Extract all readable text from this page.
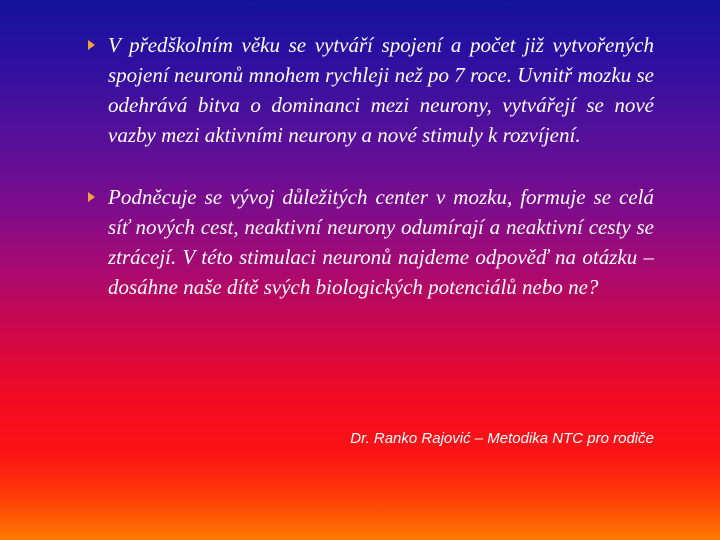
V předškolním věku se vytváří spojení a počet již vytvořených spojení neuronů mnohem rychleji než po 7 roce. Uvnitř mozku se odehrává bitva o dominanci mezi neurony, vytvářejí se nové vazby mezi aktivními neurony a nové stimuly k rozvíjení.
Podněcuje se vývoj důležitých center v mozku, formuje se celá síť nových cest, neaktivní neurony odumírají a neaktivní cesty se ztrácejí. V této stimulaci neuronů najdeme odpověď na otázku – dosáhne naše dítě svých biologických potenciálů nebo ne?
Dr. Ranko Rajović – Metodika NTC pro rodiče
